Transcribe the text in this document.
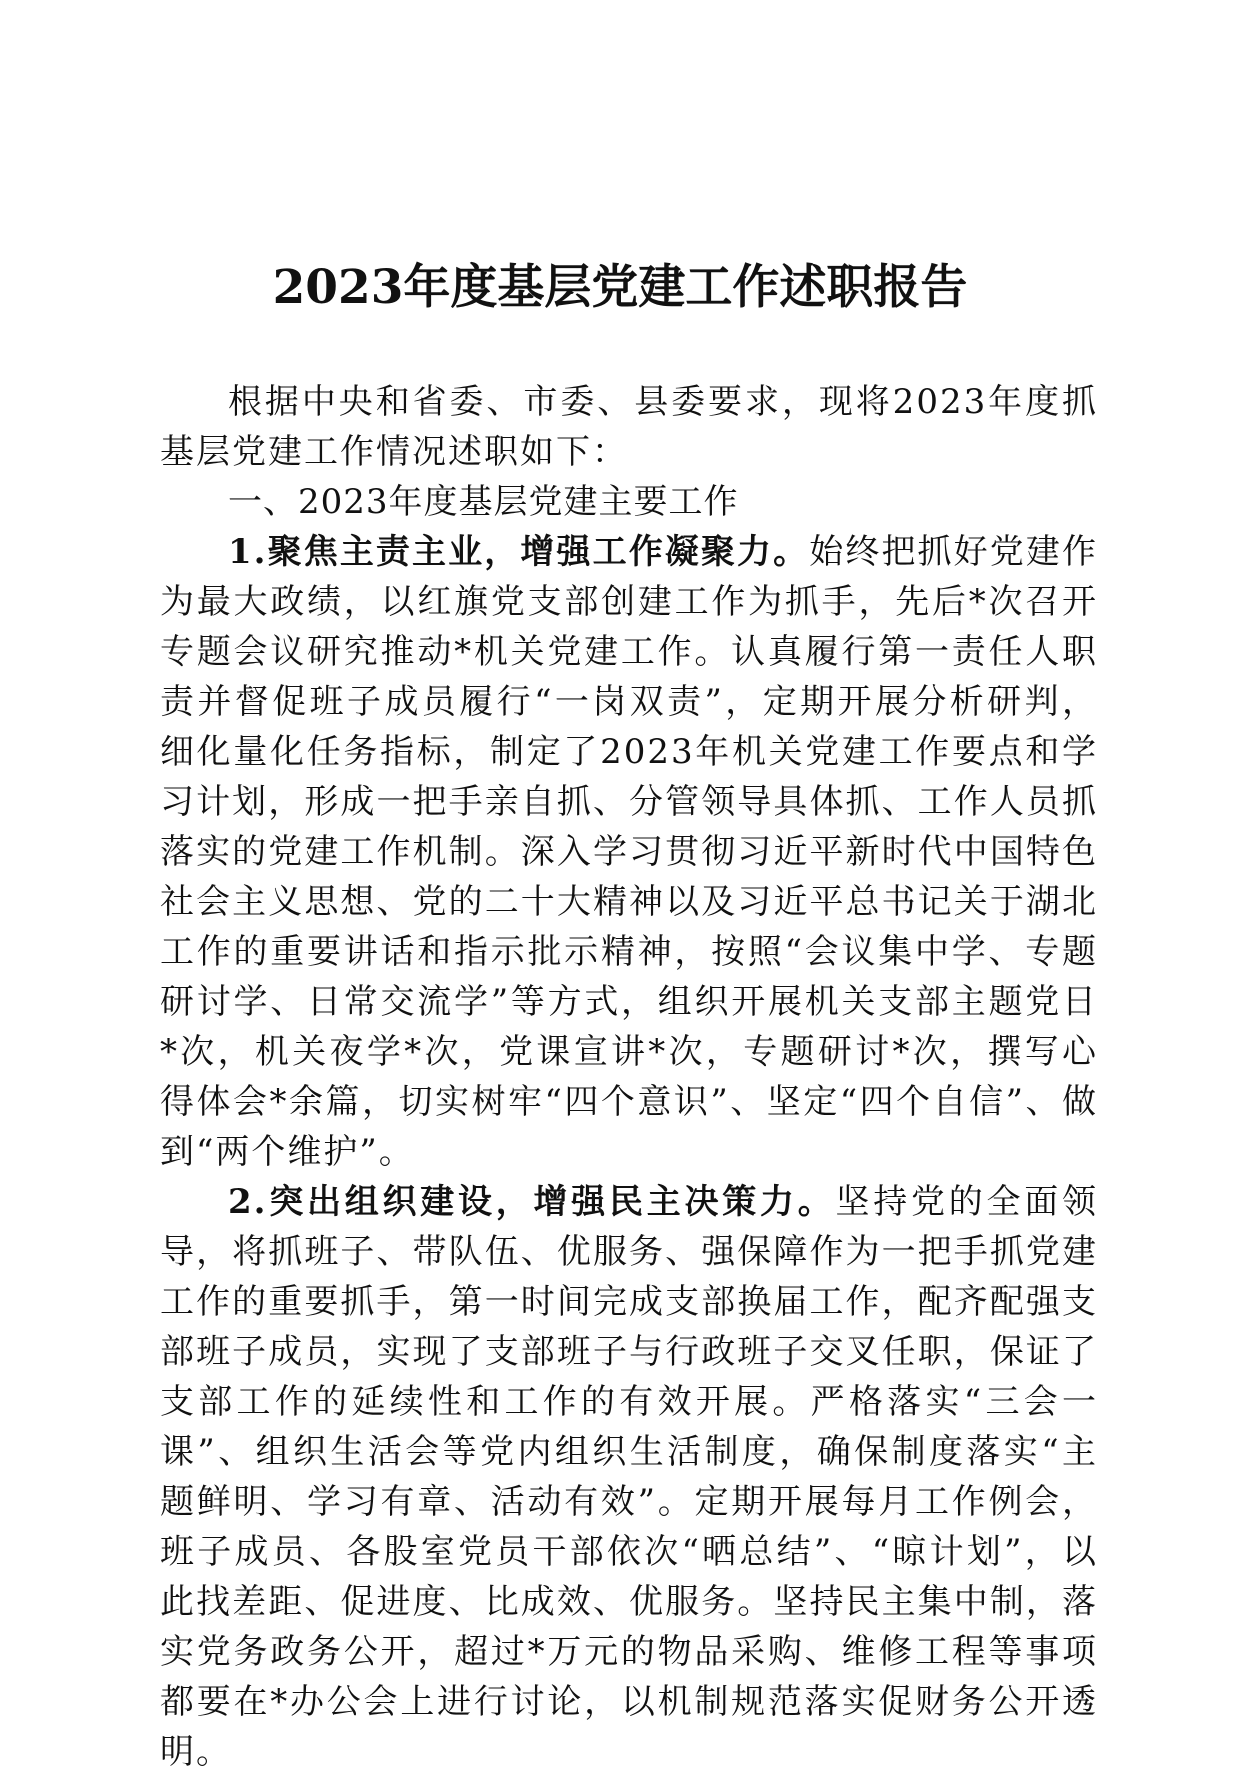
2023年度基层党建工作述职报告

根据中央和省委、市委、县委要求，现将2023年度抓基层党建工作情况述职如下：

一、2023年度基层党建主要工作

1.聚焦主责主业，增强工作凝聚力。始终把抓好党建作为最大政绩，以红旗党支部创建工作为抓手，先后*次召开专题会议研究推动*机关党建工作。认真履行第一责任人职责并督促班子成员履行“一岗双责”，定期开展分析研判，细化量化任务指标，制定了2023年机关党建工作要点和学习计划，形成一把手亲自抓、分管领导具体抓、工作人员抓落实的党建工作机制。深入学习贯彻习近平新时代中国特色社会主义思想、党的二十大精神以及习近平总书记关于湖北工作的重要讲话和指示批示精神，按照“会议集中学、专题研讨学、日常交流学”等方式，组织开展机关支部主题党日*次，机关夜学*次，党课宣讲*次，专题研讨*次，撰写心得体会*余篇，切实树牢“四个意识”、坚定“四个自信”、做到“两个维护”。

2.突出组织建设，增强民主决策力。坚持党的全面领导，将抓班子、带队伍、优服务、强保障作为一把手抓党建工作的重要抓手，第一时间完成支部换届工作，配齐配强支部班子成员，实现了支部班子与行政班子交叉任职，保证了支部工作的延续性和工作的有效开展。严格落实“三会一课”、组织生活会等党内组织生活制度，确保制度落实“主题鲜明、学习有章、活动有效”。定期开展每月工作例会，班子成员、各股室党员干部依次“晒总结”、“晾计划”，以此找差距、促进度、比成效、优服务。坚持民主集中制，落实党务政务公开，超过*万元的物品采购、维修工程等事项都要在*办公会上进行讨论，以机制规范落实促财务公开透明。
